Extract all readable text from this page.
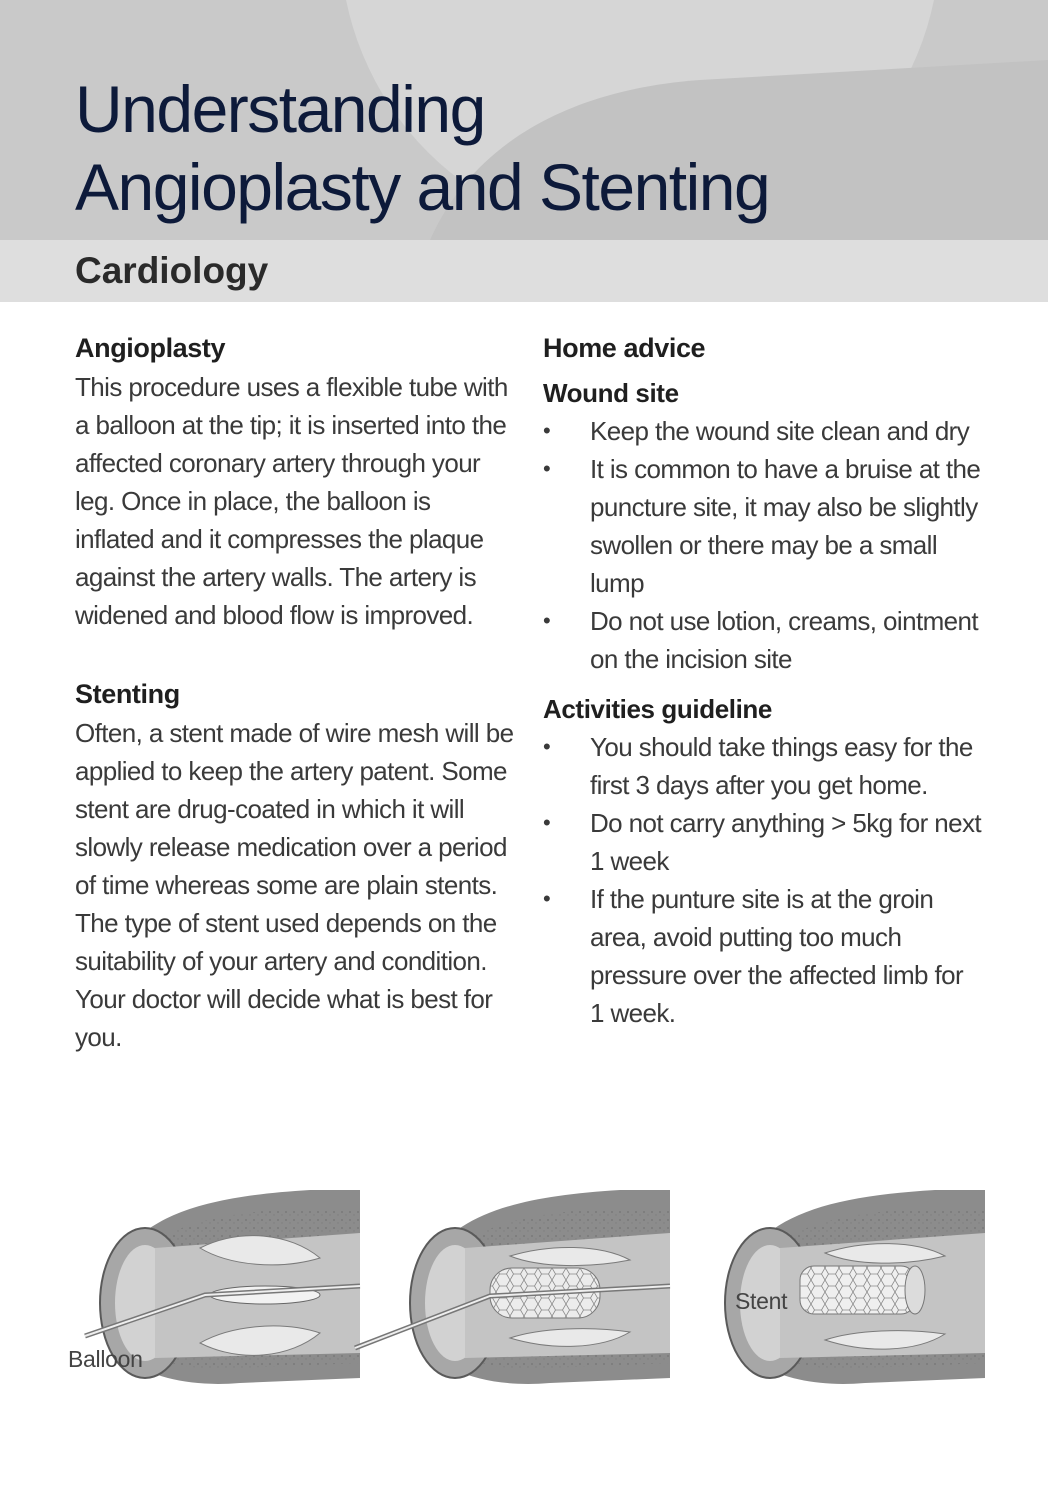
Understanding
Angioplasty and Stenting
Cardiology
Angioplasty

This procedure uses a flexible tube with a balloon at the tip; it is inserted into the affected coronary artery through your leg. Once in place, the balloon is inflated and it compresses the plaque against the artery walls. The artery is widened and blood flow is improved.

Stenting

Often, a stent made of wire mesh will be applied to keep the artery patent. Some stent are drug-coated in which it will slowly release medication over a period of time whereas some are plain stents. The type of stent used depends on the suitability of your artery and condition. Your doctor will decide what is best for you.

Home advice
Wound site
• Keep the wound site clean and dry
• It is common to have a bruise at the puncture site, it may also be slightly swollen or there may be a small lump
• Do not use lotion, creams, ointment on the incision site
Activities guideline
• You should take things easy for the first 3 days after you get home.
• Do not carry anything > 5kg for next 1 week
• If the punture site is at the groin area, avoid putting too much pressure over the affected limb for 1 week.
Balloon
Stent
